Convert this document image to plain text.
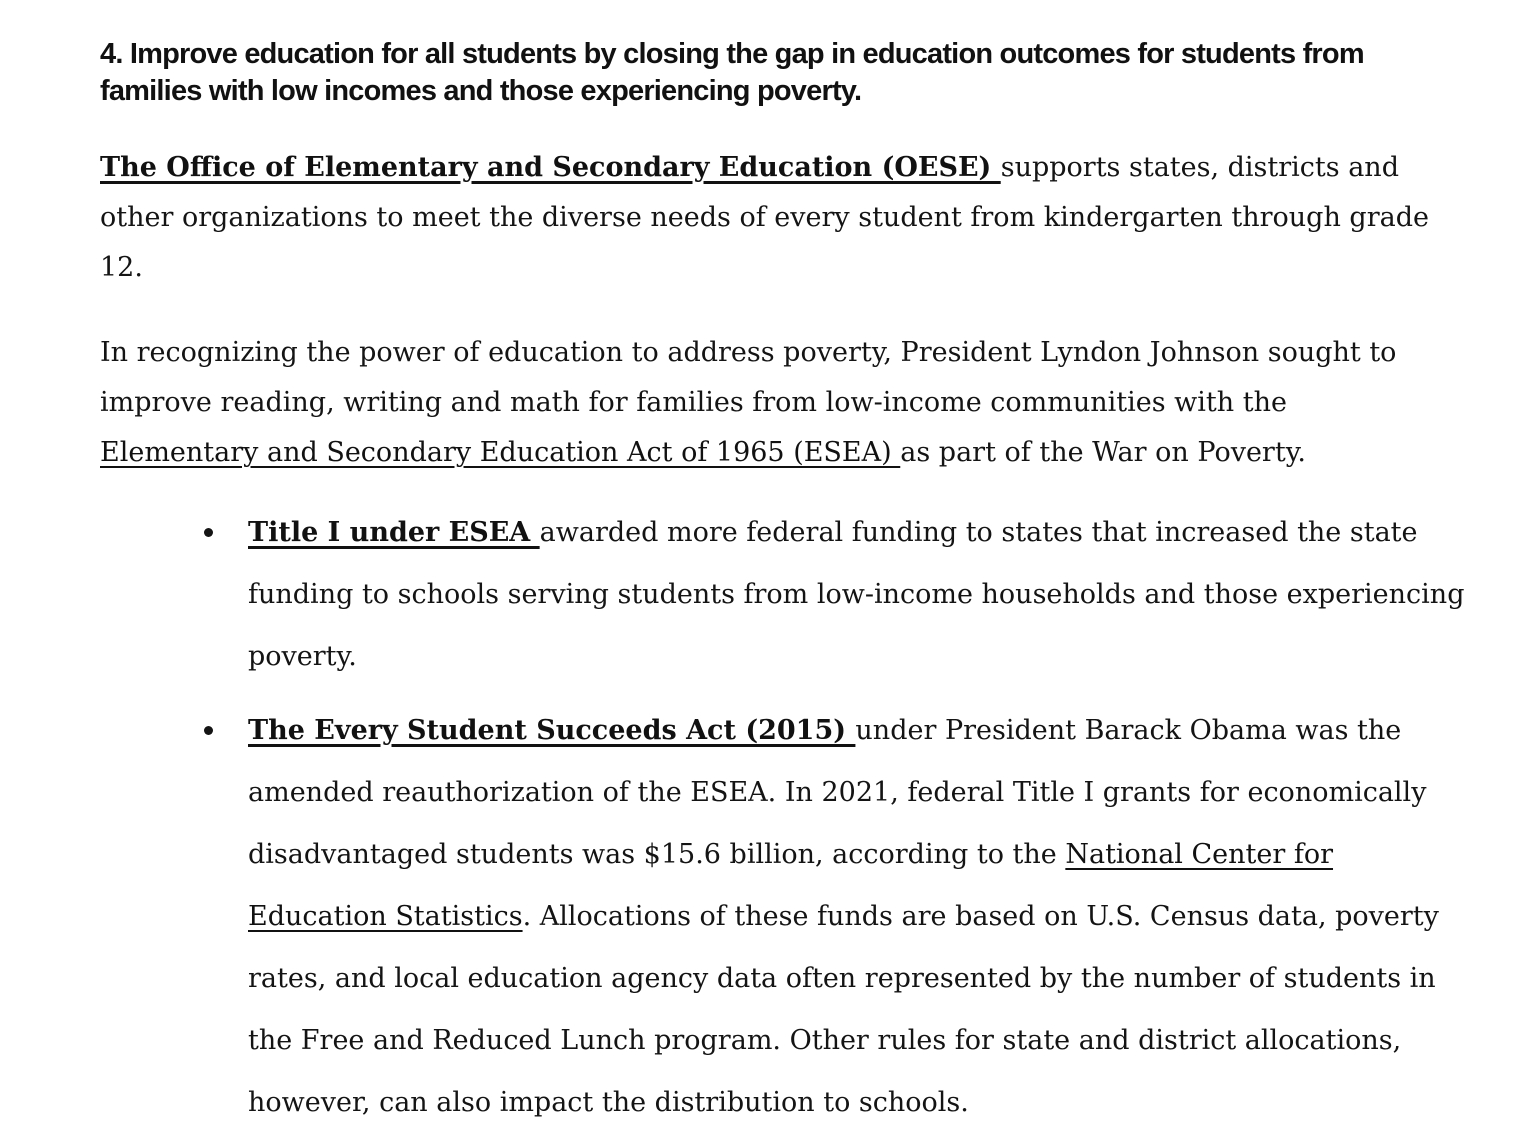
4. Improve education for all students by closing the gap in education outcomes for students from families with low incomes and those experiencing poverty.

The Office of Elementary and Secondary Education (OESE) supports states, districts and other organizations to meet the diverse needs of every student from kindergarten through grade 12.

In recognizing the power of education to address poverty, President Lyndon Johnson sought to improve reading, writing and math for families from low-income communities with the Elementary and Secondary Education Act of 1965 (ESEA) as part of the War on Poverty.

Title I under ESEA awarded more federal funding to states that increased the state funding to schools serving students from low-income households and those experiencing poverty.
The Every Student Succeeds Act (2015) under President Barack Obama was the amended reauthorization of the ESEA. In 2021, federal Title I grants for economically disadvantaged students was $15.6 billion, according to the National Center for Education Statistics. Allocations of these funds are based on U.S. Census data, poverty rates, and local education agency data often represented by the number of students in the Free and Reduced Lunch program. Other rules for state and district allocations, however, can also impact the distribution to schools.
